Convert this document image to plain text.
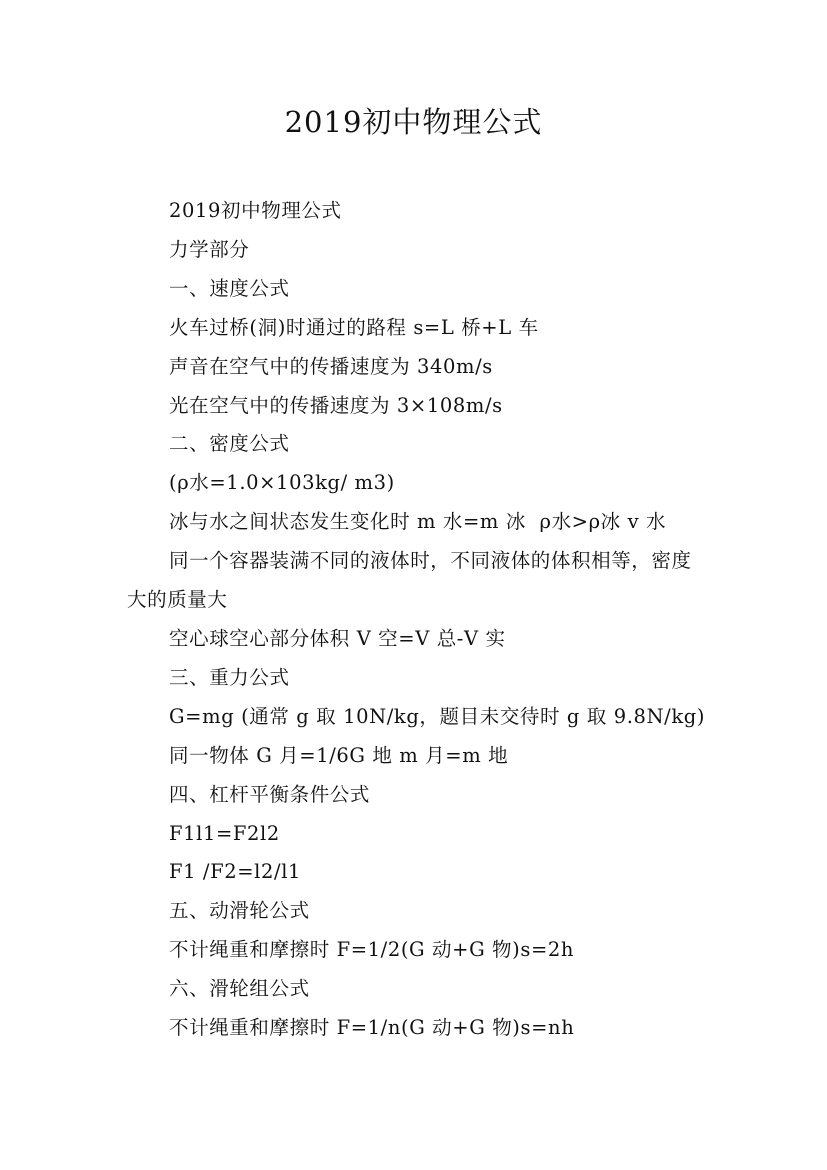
2019初中物理公式
2019初中物理公式
力学部分
一、速度公式
火车过桥(洞)时通过的路程 s=L 桥+L 车
声音在空气中的传播速度为 340m/s
光在空气中的传播速度为 3×108m/s
二、密度公式
(ρ水=1.0×103kg/ m3)
冰与水之间状态发生变化时 m 水=m 冰  ρ水>ρ冰 v 水
同一个容器装满不同的液体时，不同液体的体积相等，密度大的质量大
空心球空心部分体积 V 空=V 总-V 实
三、重力公式
G=mg (通常 g 取 10N/kg，题目未交待时 g 取 9.8N/kg)
同一物体 G 月=1/6G 地 m 月=m 地
四、杠杆平衡条件公式
F1l1=F2l2
F1 /F2=l2/l1
五、动滑轮公式
不计绳重和摩擦时 F=1/2(G 动+G 物)s=2h
六、滑轮组公式
不计绳重和摩擦时 F=1/n(G 动+G 物)s=nh
